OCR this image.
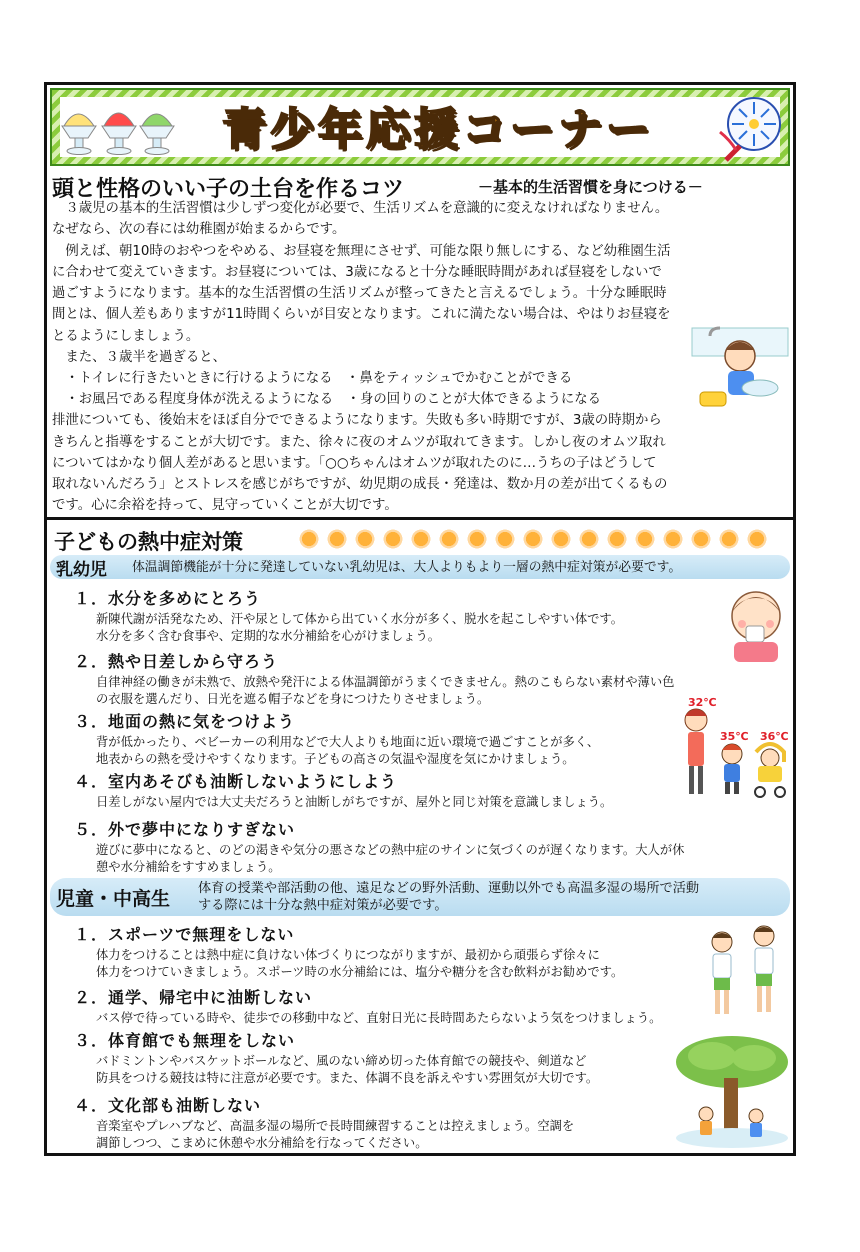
青少年応援コーナー
頭と性格のいい子の土台を作るコツ	－基本的生活習慣を身につける－
　３歳児の基本的生活習慣は少しずつ変化が必要で、生活リズムを意識的に変えなければなりません。
なぜなら、次の春には幼稚園が始まるからです。
　例えば、朝10時のおやつをやめる、お昼寝を無理にさせず、可能な限り無しにする、など幼稚園生活
に合わせて変えていきます。お昼寝については、3歳になると十分な睡眠時間があれば昼寝をしないで
過ごすようになります。基本的な生活習慣の生活リズムが整ってきたと言えるでしょう。十分な睡眠時
間とは、個人差もありますが11時間くらいが目安となります。これに満たない場合は、やはりお昼寝を
とるようにしましょう。
　また、３歳半を過ぎると、
　・トイレに行きたいときに行けるようになる　・鼻をティッシュでかむことができる
　・お風呂である程度身体が洗えるようになる　・身の回りのことが大体できるようになる
排泄についても、後始末をほぼ自分でできるようになります。失敗も多い時期ですが、3歳の時期から
きちんと指導をすることが大切です。また、徐々に夜のオムツが取れてきます。しかし夜のオムツ取れ
についてはかなり個人差があると思います。「○○ちゃんはオムツが取れたのに…うちの子はどうして
取れないんだろう」とストレスを感じがちですが、幼児期の成長・発達は、数か月の差が出てくるもの
です。心に余裕を持って、見守っていくことが大切です。
子どもの熱中症対策
乳幼児 体温調節機能が十分に発達していない乳幼児は、大人よりもより一層の熱中症対策が必要です。
１．水分を多めにとろう
新陳代謝が活発なため、汗や尿として体から出ていく水分が多く、脱水を起こしやすい体です。
水分を多く含む食事や、定期的な水分補給を心がけましょう。
２．熱や日差しから守ろう
自律神経の働きが未熟で、放熱や発汗による体温調節がうまくできません。熱のこもらない素材や薄い色
の衣服を選んだり、日光を遮る帽子などを身につけたりさせましょう。
３．地面の熱に気をつけよう
背が低かったり、ベビーカーの利用などで大人よりも地面に近い環境で過ごすことが多く、
地表からの熱を受けやすくなります。子どもの高さの気温や湿度を気にかけましょう。
４．室内あそびも油断しないようにしよう
日差しがない屋内では大丈夫だろうと油断しがちですが、屋外と同じ対策を意識しましょう。
５．外で夢中になりすぎない
遊びに夢中になると、のどの渇きや気分の悪さなどの熱中症のサインに気づくのが遅くなります。大人が休
憩や水分補給をすすめましょう。
32℃
35℃ 36℃
児童・中高生 体育の授業や部活動の他、遠足などの野外活動、運動以外でも高温多湿の場所で活動
する際には十分な熱中症対策が必要です。
１．スポーツで無理をしない
体力をつけることは熱中症に負けない体づくりにつながりますが、最初から頑張らず徐々に
体力をつけていきましょう。スポーツ時の水分補給には、塩分や糖分を含む飲料がお勧めです。
２．通学、帰宅中に油断しない
バス停で待っている時や、徒歩での移動中など、直射日光に長時間あたらないよう気をつけましょう。
３．体育館でも無理をしない
バドミントンやバスケットボールなど、風のない締め切った体育館での競技や、剣道など
防具をつける競技は特に注意が必要です。また、体調不良を訴えやすい雰囲気が大切です。
４．文化部も油断しない
音楽室やプレハブなど、高温多湿の場所で長時間練習することは控えましょう。空調を
調節しつつ、こまめに休憩や水分補給を行なってください。
